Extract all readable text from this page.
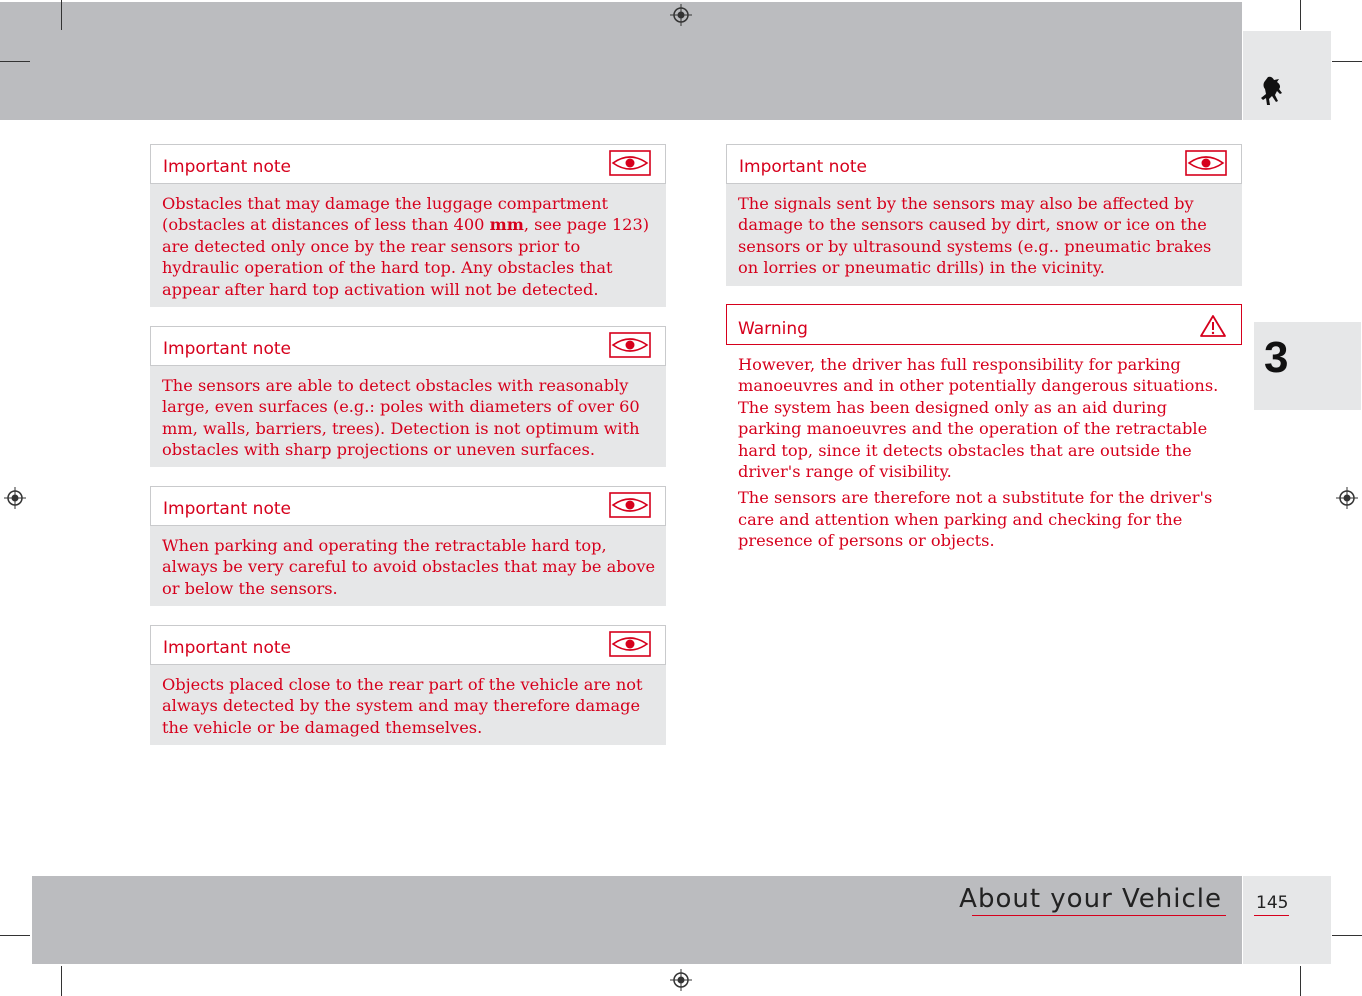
3
Important note
Obstacles that may damage the luggage compartment (obstacles at distances of less than 400 mm, see page 123) are detected only once by the rear sensors prior to hydraulic operation of the hard top. Any obstacles that appear after hard top activation will not be detected.
Important note
The sensors are able to detect obstacles with reasonably large, even surfaces (e.g.: poles with diameters of over 60 mm, walls, barriers, trees). Detection is not optimum with obstacles with sharp projections or uneven surfaces.
Important note
When parking and operating the retractable hard top, always be very careful to avoid obstacles that may be above or below the sensors.
Important note
Objects placed close to the rear part of the vehicle are not always detected by the system and may therefore damage the vehicle or be damaged themselves.
Important note
The signals sent by the sensors may also be affected by damage to the sensors caused by dirt, snow or ice on the sensors or by ultrasound systems (e.g.. pneumatic brakes on lorries or pneumatic drills) in the vicinity.
Warning

However, the driver has full responsibility for parking manoeuvres and in other potentially dangerous situations. The system has been designed only as an aid during parking manoeuvres and the operation of the retractable hard top, since it detects obstacles that are outside the driver's range of visibility.

The sensors are therefore not a substitute for the driver's care and attention when parking and checking for the presence of persons or objects.

About your Vehicle 145
